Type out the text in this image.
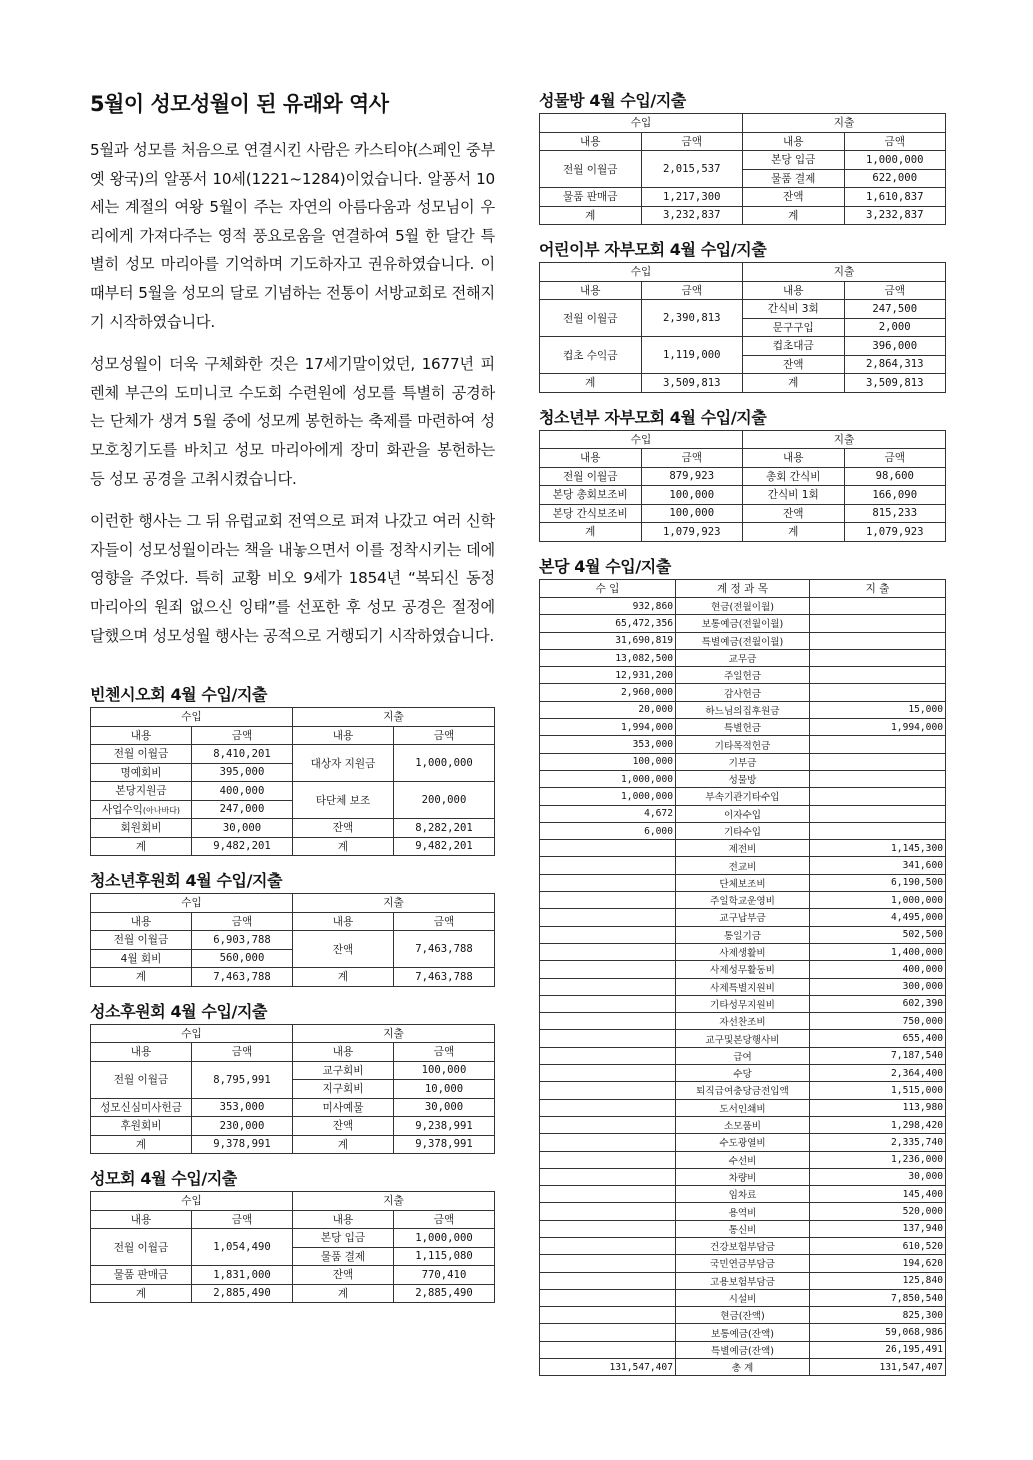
5월이 성모성월이 된 유래와 역사

5월과 성모를 처음으로 연결시킨 사람은 카스티야(스페인 중부 옛 왕국)의 알퐁서 10세(1221~1284)이었습니다. 알퐁서 10세는 계절의 여왕 5월이 주는 자연의 아름다움과 성모님이 우리에게 가져다주는 영적 풍요로움을 연결하여 5월 한 달간 특별히 성모 마리아를 기억하며 기도하자고 권유하였습니다. 이때부터 5월을 성모의 달로 기념하는 전통이 서방교회로 전해지기 시작하였습니다.

성모성월이 더욱 구체화한 것은 17세기말이었던, 1677년 피렌체 부근의 도미니코 수도회 수련원에 성모를 특별히 공경하는 단체가 생겨 5월 중에 성모께 봉헌하는 축제를 마련하여 성모호칭기도를 바치고 성모 마리아에게 장미 화관을 봉헌하는 등 성모 공경을 고취시켰습니다.

이런한 행사는 그 뒤 유럽교회 전역으로 퍼져 나갔고 여러 신학자들이 성모성월이라는 책을 내놓으면서 이를 정착시키는 데에 영향을 주었다. 특히 교황 비오 9세가 1854년 “복되신 동정 마리아의 원죄 없으신 잉태”를 선포한 후 성모 공경은 절정에 달했으며 성모성월 행사는 공적으로 거행되기 시작하였습니다.

빈첸시오회 4월 수입/지출
수입		지출	
내용	금액	내용	금액
전월 이월금	8,410,201	대상자 지원금	1,000,000
명예회비	395,000		
본당지원금	400,000	타단체 보조	200,000
사업수익(아나바다)	247,000		
회원회비	30,000	잔액	8,282,201
계	9,482,201	계	9,482,201
청소년후원회 4월 수입/지출
수입		지출	
내용	금액	내용	금액
전월 이월금	6,903,788	잔액	7,463,788
4월 회비	560,000		
계	7,463,788	계	7,463,788
성소후원회 4월 수입/지출
수입		지출	
내용	금액	내용	금액
전월 이월금	8,795,991	교구회비	100,000
		지구회비	10,000
성모신심미사헌금	353,000	미사예물	30,000
		잔액	9,238,991
후원회비	230,000		
계	9,378,991	계	9,378,991
성모회 4월 수입/지출
수입		지출	
내용	금액	내용	금액
전월 이월금	1,054,490	본당 입금	1,000,000
		물품 결제	1,115,080
물품 판매금	1,831,000	잔액	770,410
계	2,885,490	계	2,885,490
성물방 4월 수입/지출
수입		지출	
내용	금액	내용	금액
전월 이월금	2,015,537	본당 입금	1,000,000
		물품 결제	622,000
물품 판매금	1,217,300	잔액	1,610,837
계	3,232,837	계	3,232,837
어린이부 자부모회 4월 수입/지출
수입		지출	
내용	금액	내용	금액
전월 이월금	2,390,813	간식비 3회	247,500
		문구구입	2,000
컵초 수익금	1,119,000	컵초대금	396,000
		잔액	2,864,313
계	3,509,813	계	3,509,813
청소년부 자부모회 4월 수입/지출
수입		지출	
내용	금액	내용	금액
전월 이월금	879,923	총회 간식비	98,600
본당 총회보조비	100,000	간식비 1회	166,090
본당 간식보조비	100,000	잔액	815,233
계	1,079,923	계	1,079,923
본당 4월 수입/지출
수 입	계 정 과 목	지 출
932,860	현금(전월이월)	
65,472,356	보통예금(전월이월)	
31,690,819	특별예금(전월이월)	
13,082,500	교무금	
12,931,200	주일헌금	
2,960,000	감사헌금	
20,000	하느님의집후원금	15,000
1,994,000	특별헌금	1,994,000
353,000	기타목적헌금	
100,000	기부금	
1,000,000	성물방	
1,000,000	부속기관기타수입	
4,672	이자수입	
6,000	기타수입	
	제전비	1,145,300
	전교비	341,600
	단체보조비	6,190,500
	주일학교운영비	1,000,000
	교구납부금	4,495,000
	통일기금	502,500
	사제생활비	1,400,000
	사제성무활동비	400,000
	사제특별지원비	300,000
	기타성무지원비	602,390
	자선찬조비	750,000
	교구및본당행사비	655,400
	급여	7,187,540
	수당	2,364,400
	퇴직급여충당금전입액	1,515,000
	도서인쇄비	113,980
	소모품비	1,298,420
	수도광열비	2,335,740
	수선비	1,236,000
	차량비	30,000
	임차료	145,400
	용역비	520,000
	통신비	137,940
	건강보험부담금	610,520
	국민연금부담금	194,620
	고용보험부담금	125,840
	시설비	7,850,540
	현금(잔액)	825,300
	보통예금(잔액)	59,068,986
	특별예금(잔액)	26,195,491
131,547,407	총 계	131,547,407
